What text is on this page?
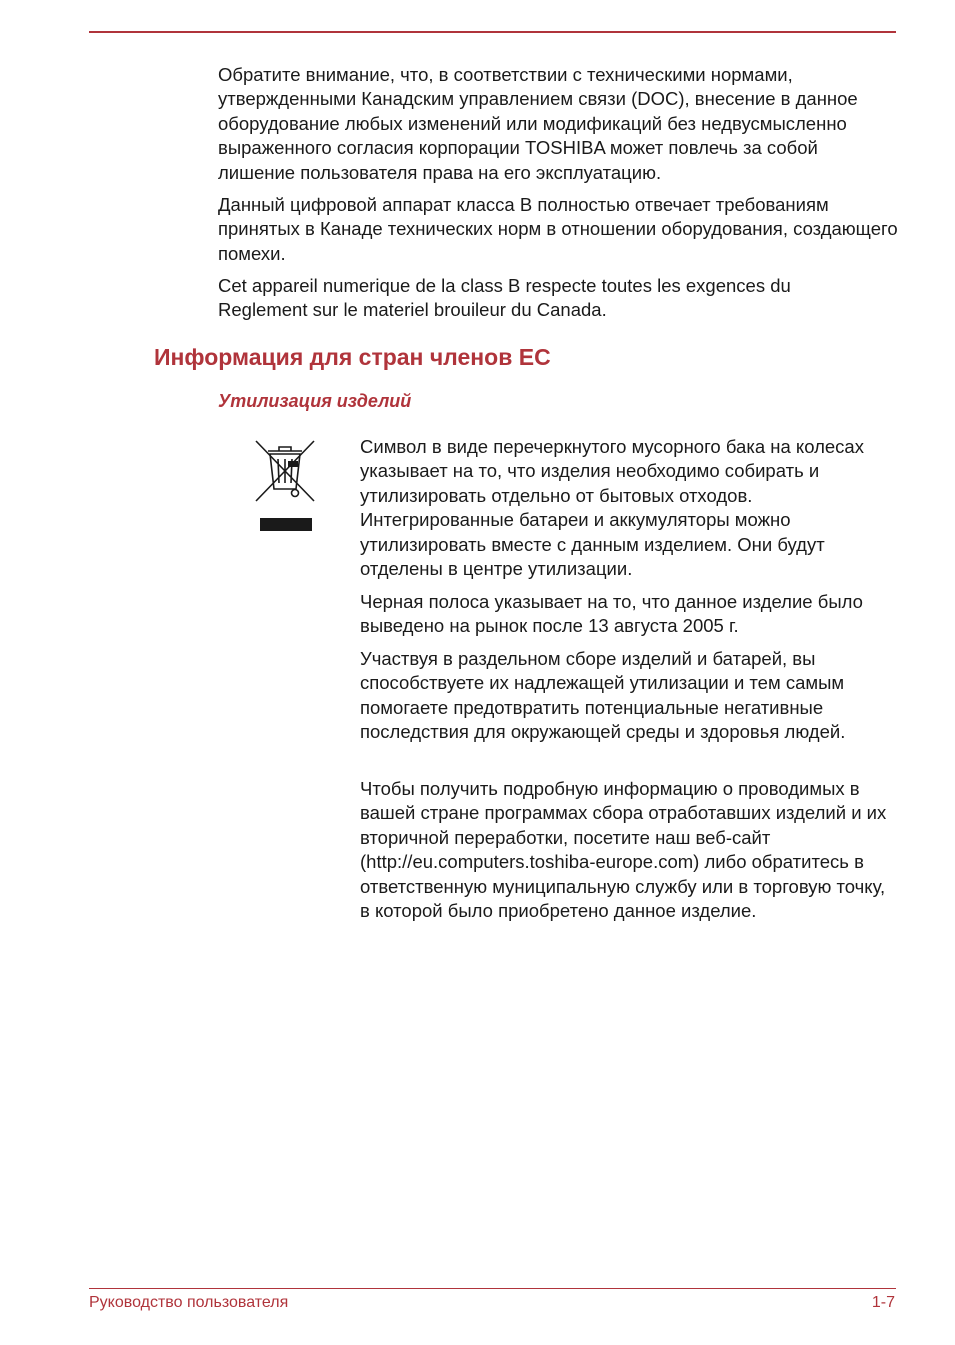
Обратите внимание, что, в соответствии с техническими нормами, утвержденными Канадским управлением связи (DOC), внесение в данное оборудование любых изменений или модификаций без недвусмысленно выраженного согласия корпорации TOSHIBA может повлечь за собой лишение пользователя права на его эксплуатацию.

Данный цифровой аппарат класса B полностью отвечает требованиям принятых в Канаде технических норм в отношении оборудования, создающего помехи.

Cet appareil numerique de la class B respecte toutes les exgences du Reglement sur le materiel brouileur du Canada.

Информация для стран членов ЕС
Утилизация изделий

Символ в виде перечеркнутого мусорного бака на колесах указывает на то, что изделия необходимо собирать и утилизировать отдельно от бытовых отходов. Интегрированные батареи и аккумуляторы можно утилизировать вместе с данным изделием. Они будут отделены в центре утилизации.

Черная полоса указывает на то, что данное изделие было выведено на рынок после 13 августа 2005 г.

Участвуя в раздельном сборе изделий и батарей, вы способствуете их надлежащей утилизации и тем самым помогаете предотвратить потенциальные негативные последствия для окружающей среды и здоровья людей.

Чтобы получить подробную информацию о проводимых в вашей стране программах сбора отработавших изделий и их вторичной переработки, посетите наш веб-сайт (http://eu.computers.toshiba-europe.com) либо обратитесь в ответственную муниципальную службу или в торговую точку, в которой было приобретено данное изделие.

Руководство пользователя	1-7
